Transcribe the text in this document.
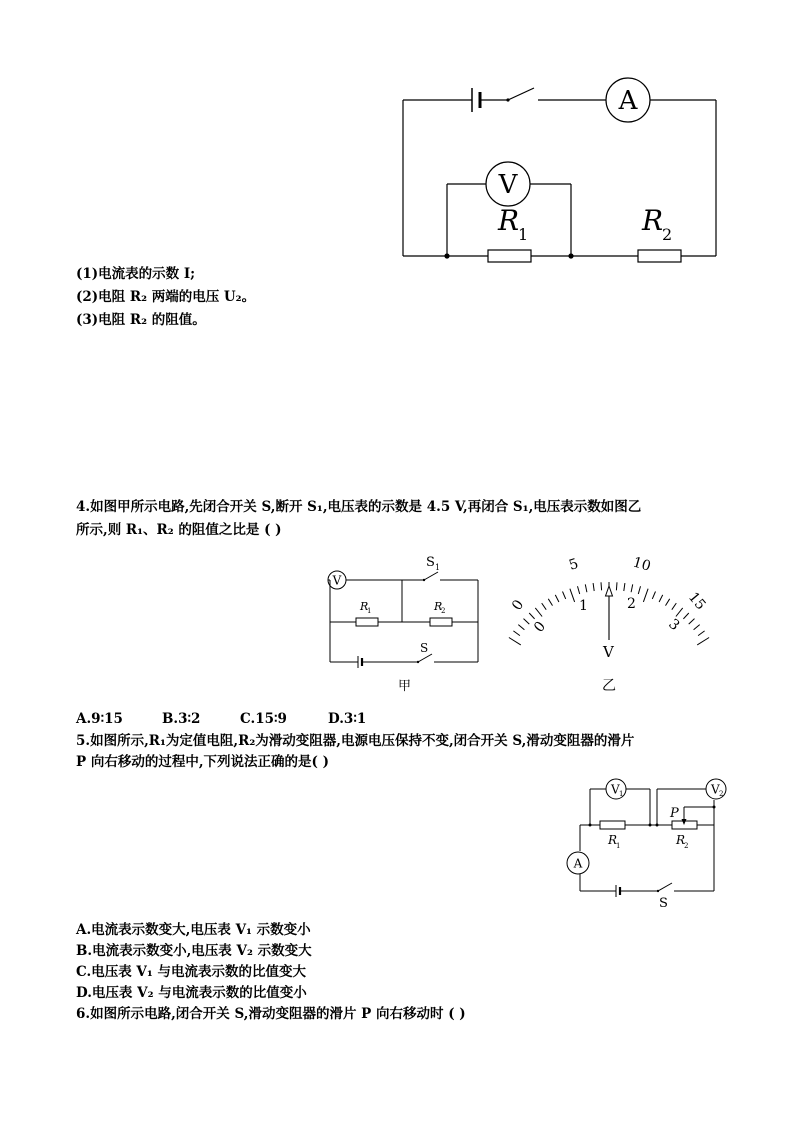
A
V
R
1	R
2
(1)电流表的示数 I;
(2)电阻 R₂ 两端的电压 U₂。
(3)电阻 R₂ 的阻值。
4.如图甲所示电路,先闭合开关 S,断开 S₁,电压表的示数是 4.5 V,再闭合 S₁,电压表示数如图乙
所示,则 R₁、R₂ 的阻值之比是 ( )
V
S 1
R
1	R
2
S
甲
0
5	10
15
0
1	2
3
V
乙
A.9∶15	B.3∶2	C.15∶9	D.3∶1
5.如图所示,R₁为定值电阻,R₂为滑动变阻器,电源电压保持不变,闭合开关 S,滑动变阻器的滑片
P 向右移动的过程中,下列说法正确的是( )
V 1	V 2
A
P
R
1	R
2
S
A.电流表示数变大,电压表 V₁ 示数变小
B.电流表示数变小,电压表 V₂ 示数变大
C.电压表 V₁ 与电流表示数的比值变大
D.电压表 V₂ 与电流表示数的比值变小
6.如图所示电路,闭合开关 S,滑动变阻器的滑片 P 向右移动时 ( )
